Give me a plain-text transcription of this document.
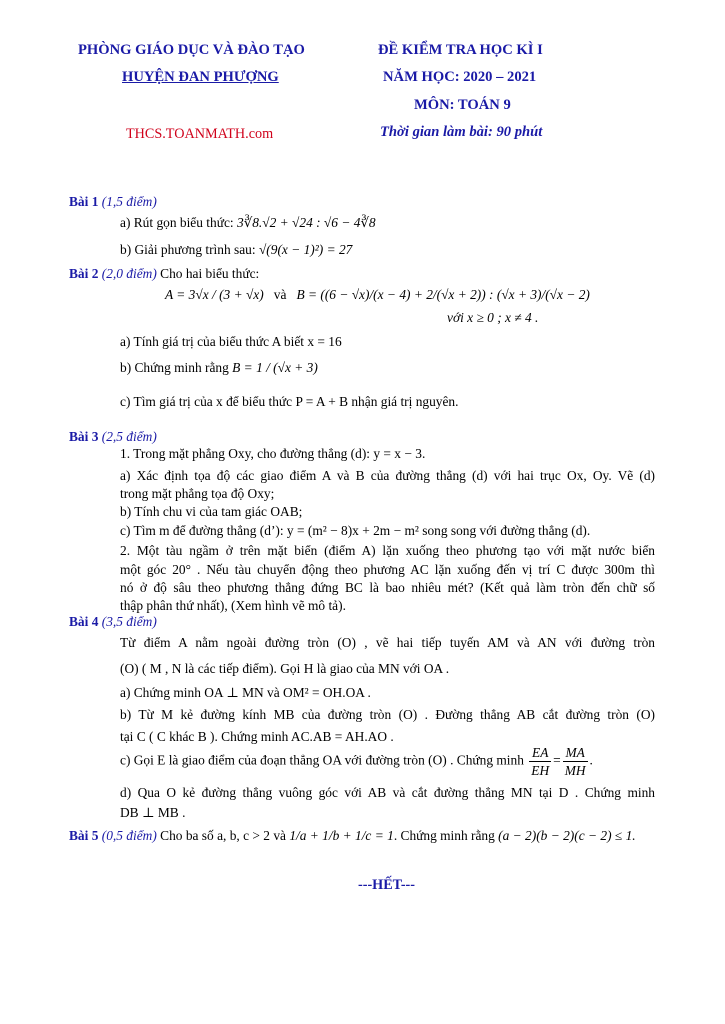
PHÒNG GIÁO DỤC VÀ ĐÀO TẠO
HUYỆN ĐAN PHƯỢNG
THCS.TOANMATH.com
ĐỀ KIỂM TRA HỌC KÌ I
NĂM HỌC: 2020 – 2021
MÔN: TOÁN 9
Thời gian làm bài: 90 phút
Bài 1 (1,5 điểm)
a) Rút gọn biểu thức: 3∛8.√2 + √24 : √6 − 4∛8
b) Giải phương trình sau: √(9(x − 1)²) = 27
Bài 2 (2,0 điểm) Cho hai biểu thức:
A = 3√x / (3 + √x)   và   B = ((6 − √x)/(x − 4) + 2/(√x + 2)) : (√x + 3)/(√x − 2)
với x ≥ 0 ; x ≠ 4 .
a) Tính giá trị của biểu thức A biết x = 16
b) Chứng minh rằng B = 1 / (√x + 3)
c) Tìm giá trị của x để biểu thức P = A + B nhận giá trị nguyên.
Bài 3 (2,5 điểm)
1. Trong mặt phẳng Oxy, cho đường thẳng (d): y = x − 3.
a) Xác định tọa độ các giao điểm A và B của đường thẳng (d) với hai trục Ox, Oy. Vẽ (d)
trong mặt phẳng tọa độ Oxy;
b) Tính chu vi của tam giác OAB;
c) Tìm m để đường thẳng (d’): y = (m² − 8)x + 2m − m² song song với đường thẳng (d).
2. Một tàu ngầm ở trên mặt biển (điểm A) lặn xuống theo phương tạo với mặt nước biển
một góc 20° . Nếu tàu chuyển động theo phương AC lặn xuống đến vị trí C được 300m thì
nó ở độ sâu theo phương thẳng đứng BC là bao nhiêu mét? (Kết quả làm tròn đến chữ số
thập phân thứ nhất), (Xem hình vẽ mô tả).
Bài 4 (3,5 điểm)
Từ điểm A nằm ngoài đường tròn (O) , vẽ hai tiếp tuyến AM và AN với đường tròn
(O) ( M , N là các tiếp điểm). Gọi H là giao của MN với OA .
a) Chứng minh OA ⊥ MN và OM² = OH.OA .
b) Từ M kẻ đường kính MB của đường tròn (O) . Đường thẳng AB cắt đường tròn (O)
tại C ( C khác B ). Chứng minh AC.AB = AH.AO .
c) Gọi E là giao điểm của đoạn thẳng OA với đường tròn (O) . Chứng minh $\frac{EA}{EH} = \frac{MA}{MH}$ .
d) Qua O kẻ đường thẳng vuông góc với AB và cắt đường thẳng MN tại D . Chứng minh
DB ⊥ MB .
Bài 5 (0,5 điểm) Cho ba số a, b, c > 2 và 1/a + 1/b + 1/c = 1. Chứng minh rằng (a − 2)(b − 2)(c − 2) ≤ 1.
---HẾT---
